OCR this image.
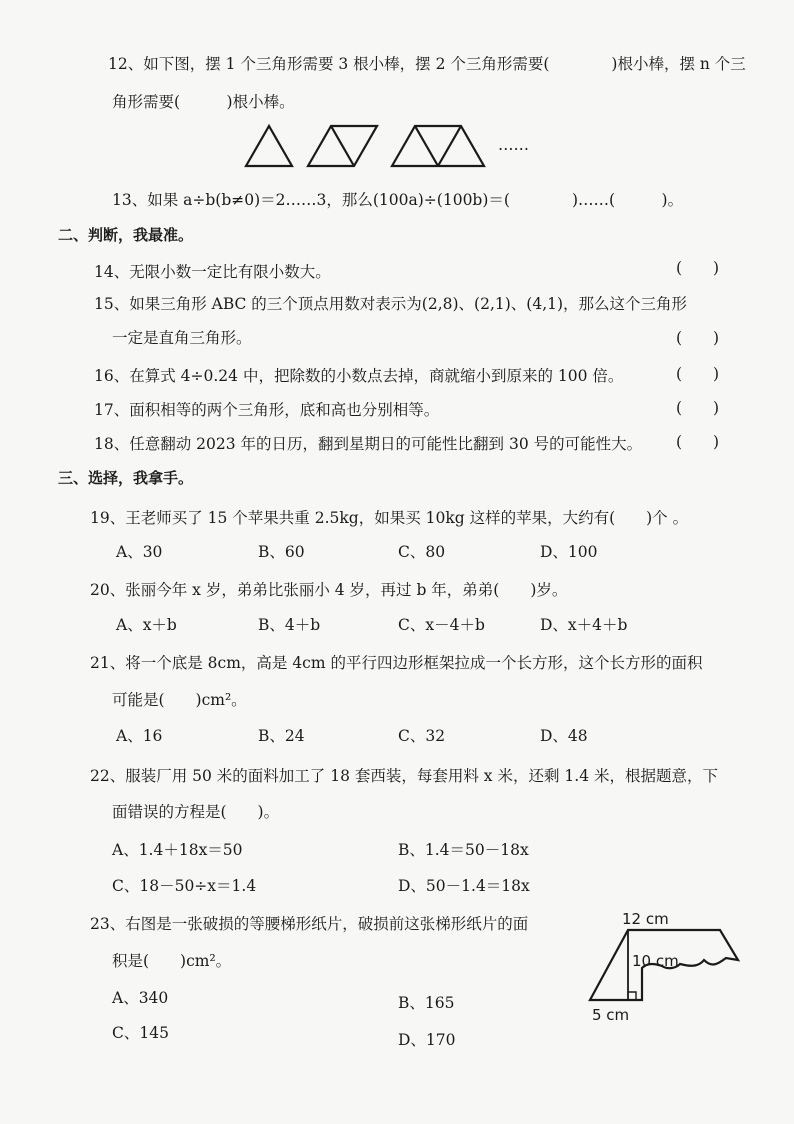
12、如下图，摆 1 个三角形需要 3 根小棒，摆 2 个三角形需要(　　　　)根小棒，摆 n 个三
角形需要(　　　)根小棒。
……
13、如果 a÷b(b≠0)＝2……3，那么(100a)÷(100b)＝(　　　　)……(　　　)。
二、判断，我最准。
14、无限小数一定比有限小数大。	(　　)
15、如果三角形 ABC 的三个顶点用数对表示为(2,8)、(2,1)、(4,1)，那么这个三角形
一定是直角三角形。	(　　)
16、在算式 4÷0.24 中，把除数的小数点去掉，商就缩小到原来的 100 倍。	(　　)
17、面积相等的两个三角形，底和高也分别相等。	(　　)
18、任意翻动 2023 年的日历，翻到星期日的可能性比翻到 30 号的可能性大。 (　　)
三、选择，我拿手。
19、王老师买了 15 个苹果共重 2.5kg，如果买 10kg 这样的苹果，大约有(　　)个 。
A、30	B、60	C、80	D、100
20、张丽今年 x 岁，弟弟比张丽小 4 岁，再过 b 年，弟弟(　　)岁。
A、x＋b	B、4＋b	C、x－4＋b	D、x＋4＋b
21、将一个底是 8cm，高是 4cm 的平行四边形框架拉成一个长方形，这个长方形的面积
可能是(　　)cm²。
A、16	B、24	C、32	D、48
22、服装厂用 50 米的面料加工了 18 套西装，每套用料 x 米，还剩 1.4 米，根据题意，下
面错误的方程是(　　)。
A、1.4＋18x＝50	B、1.4＝50－18x
C、18－50÷x＝1.4	D、50－1.4＝18x
23、右图是一张破损的等腰梯形纸片，破损前这张梯形纸片的面
积是(　　)cm²。
A、340	B、165
C、145	D、170
12 cm
10 cm
5 cm
